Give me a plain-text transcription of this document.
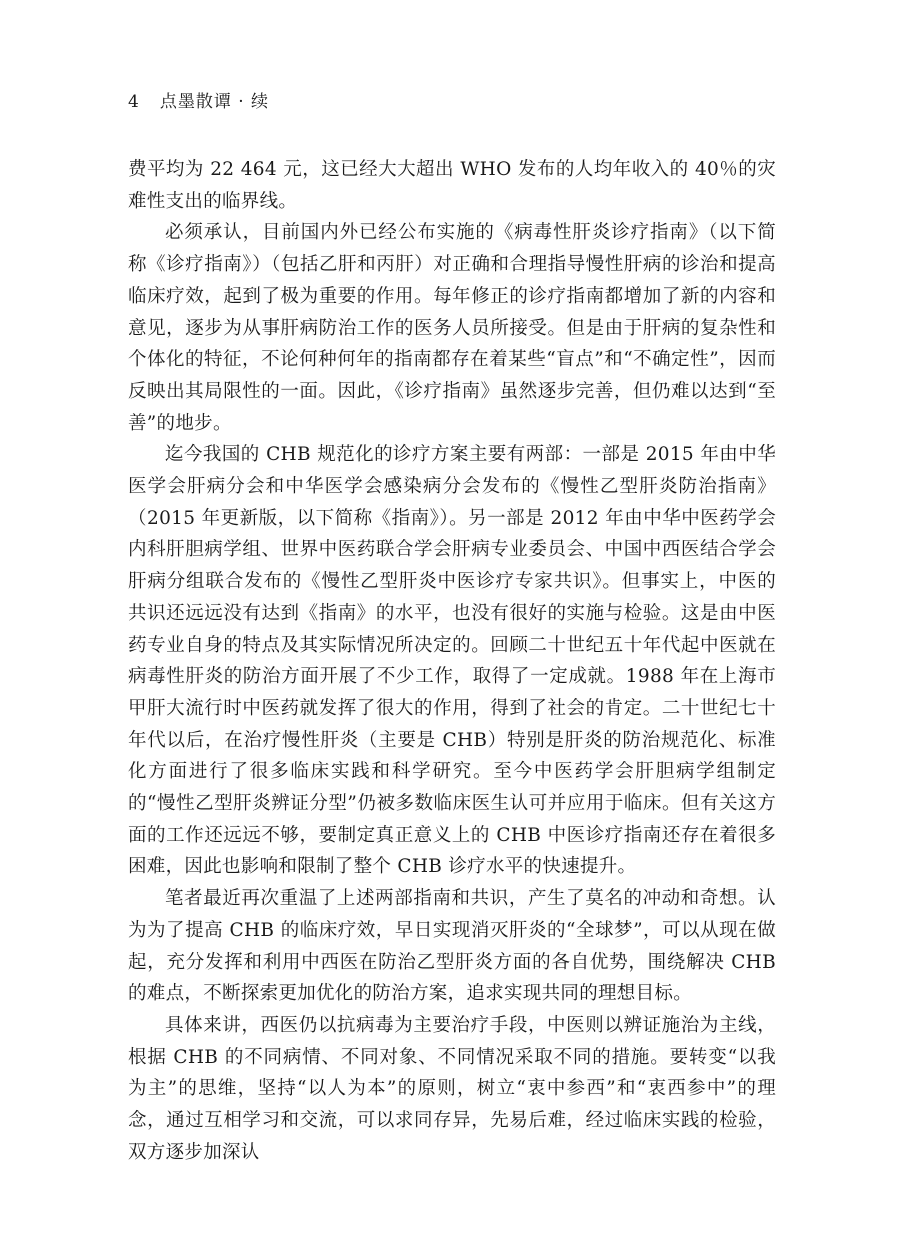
4 点墨散谭 · 续

费平均为 22 464 元，这已经大大超出 WHO 发布的人均年收入的 40％的灾难性支出的临界线。

必须承认，目前国内外已经公布实施的《病毒性肝炎诊疗指南》（以下简称《诊疗指南》）（包括乙肝和丙肝）对正确和合理指导慢性肝病的诊治和提高临床疗效，起到了极为重要的作用。每年修正的诊疗指南都增加了新的内容和意见，逐步为从事肝病防治工作的医务人员所接受。但是由于肝病的复杂性和个体化的特征，不论何种何年的指南都存在着某些“盲点”和“不确定性”，因而反映出其局限性的一面。因此，《诊疗指南》虽然逐步完善，但仍难以达到“至善”的地步。

迄今我国的 CHB 规范化的诊疗方案主要有两部：一部是 2015 年由中华医学会肝病分会和中华医学会感染病分会发布的《慢性乙型肝炎防治指南》（2015 年更新版，以下简称《指南》）。另一部是 2012 年由中华中医药学会内科肝胆病学组、世界中医药联合学会肝病专业委员会、中国中西医结合学会肝病分组联合发布的《慢性乙型肝炎中医诊疗专家共识》。但事实上，中医的共识还远远没有达到《指南》的水平，也没有很好的实施与检验。这是由中医药专业自身的特点及其实际情况所决定的。回顾二十世纪五十年代起中医就在病毒性肝炎的防治方面开展了不少工作，取得了一定成就。1988 年在上海市甲肝大流行时中医药就发挥了很大的作用，得到了社会的肯定。二十世纪七十年代以后，在治疗慢性肝炎（主要是 CHB）特别是肝炎的防治规范化、标准化方面进行了很多临床实践和科学研究。至今中医药学会肝胆病学组制定的“慢性乙型肝炎辨证分型”仍被多数临床医生认可并应用于临床。但有关这方面的工作还远远不够，要制定真正意义上的 CHB 中医诊疗指南还存在着很多困难，因此也影响和限制了整个 CHB 诊疗水平的快速提升。

笔者最近再次重温了上述两部指南和共识，产生了莫名的冲动和奇想。认为为了提高 CHB 的临床疗效，早日实现消灭肝炎的“全球梦”，可以从现在做起，充分发挥和利用中西医在防治乙型肝炎方面的各自优势，围绕解决 CHB 的难点，不断探索更加优化的防治方案，追求实现共同的理想目标。

具体来讲，西医仍以抗病毒为主要治疗手段，中医则以辨证施治为主线，根据 CHB 的不同病情、不同对象、不同情况采取不同的措施。要转变“以我为主”的思维，坚持“以人为本”的原则，树立“衷中参西”和“衷西参中”的理念，通过互相学习和交流，可以求同存异，先易后难，经过临床实践的检验，双方逐步加深认
